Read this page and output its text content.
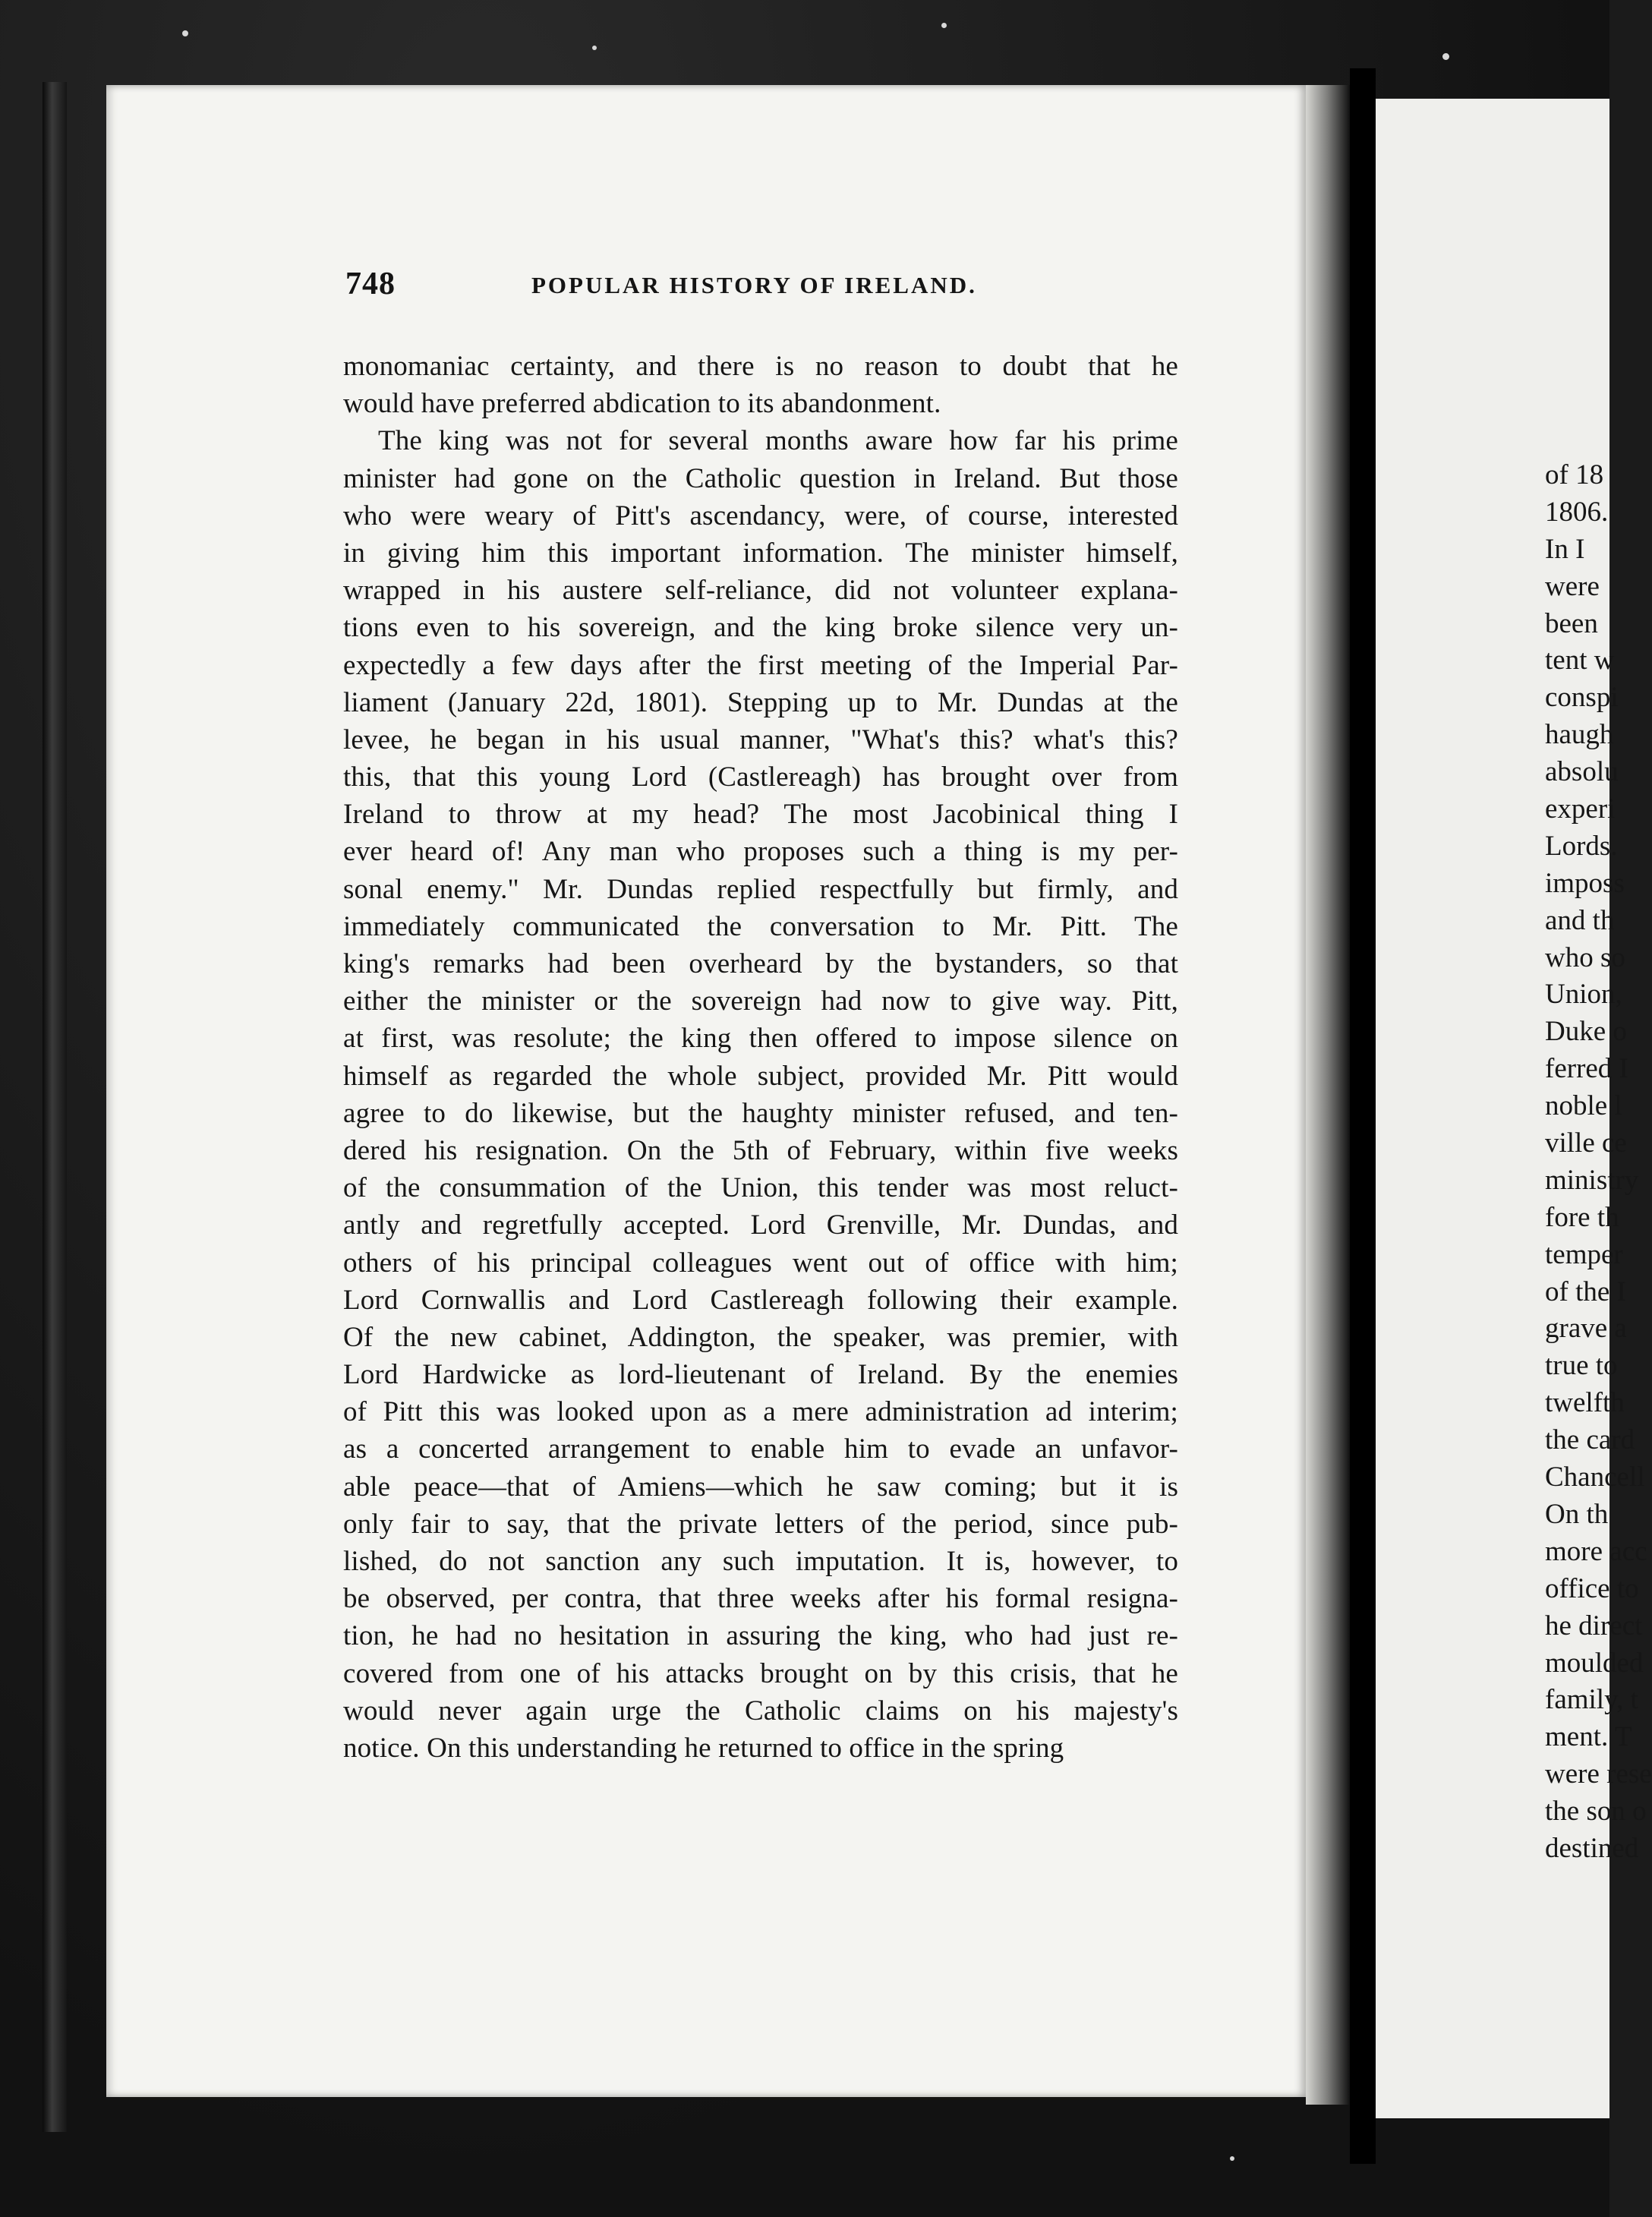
748	POPULAR HISTORY OF IRELAND.
monomaniac certainty, and there is no reason to doubt that he
would have preferred abdication to its abandonment.
The king was not for several months aware how far his prime
minister had gone on the Catholic question in Ireland. But those
who were weary of Pitt's ascendancy, were, of course, interested
in giving him this important information. The minister himself,
wrapped in his austere self-reliance, did not volunteer explana-
tions even to his sovereign, and the king broke silence very un-
expectedly a few days after the first meeting of the Imperial Par-
liament (January 22d, 1801). Stepping up to Mr. Dundas at the
levee, he began in his usual manner, "What's this? what's this?
this, that this young Lord (Castlereagh) has brought over from
Ireland to throw at my head? The most Jacobinical thing I
ever heard of! Any man who proposes such a thing is my per-
sonal enemy." Mr. Dundas replied respectfully but firmly, and
immediately communicated the conversation to Mr. Pitt. The
king's remarks had been overheard by the bystanders, so that
either the minister or the sovereign had now to give way. Pitt,
at first, was resolute; the king then offered to impose silence on
himself as regarded the whole subject, provided Mr. Pitt would
agree to do likewise, but the haughty minister refused, and ten-
dered his resignation. On the 5th of February, within five weeks
of the consummation of the Union, this tender was most reluct-
antly and regretfully accepted. Lord Grenville, Mr. Dundas, and
others of his principal colleagues went out of office with him;
Lord Cornwallis and Lord Castlereagh following their example.
Of the new cabinet, Addington, the speaker, was premier, with
Lord Hardwicke as lord-lieutenant of Ireland. By the enemies
of Pitt this was looked upon as a mere administration ad interim;
as a concerted arrangement to enable him to evade an unfavor-
able peace—that of Amiens—which he saw coming; but it is
only fair to say, that the private letters of the period, since pub-
lished, do not sanction any such imputation. It is, however, to
be observed, per contra, that three weeks after his formal resigna-
tion, he had no hesitation in assuring the king, who had just re-
covered from one of his attacks brought on by this crisis, that he
would never again urge the Catholic claims on his majesty's
notice. On this understanding he returned to office in the spring
of 18
1806.
In I
were
been
tent w
conspi
haugh
absolu
experi
Lords.
imposs
and th
who so
Union,
Duke o
ferred I
noble l
ville ce
ministry
fore th
temper
of the I
grave a
true to
twelfth
the card
Chancell
On th
more acc
office to
he direct
moulded
family, t
ment. T
were rese
the son o
destined
